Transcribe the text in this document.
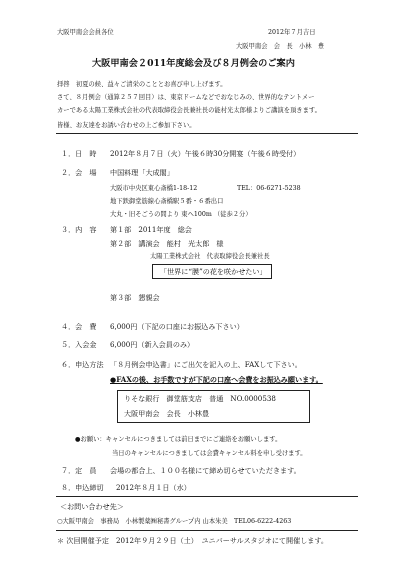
大阪甲南会会員各位	2012年７月吉日
大阪甲南会　会　長　小林　豊
大阪甲南会２011年度総会及び８月例会のご案内
拝啓　初夏の候、益々ご清栄のこととお喜び申し上げます。
さて、８月例会（通算２５７回目）は、東京ドームなどでおなじみの、世界的なテントメー
カーである太陽工業株式会社の代表取締役会長兼社長の能村光太郎様よりご講演を頂きます。
皆様、お友達をお誘い合わせの上ご参加下さい。
１．日　時 2012年８月７日（火）午後６時30分開宴（午後６時受付）
２．会　場 中国料理「大成閣」
大阪市中央区東心斎橋1-18-12	TEL：06-6271-5238
地下鉄御堂筋線心斎橋駅５番・６番出口
大丸・旧そごうの間より 東へ100m （徒歩２分）
３．内　容 第１部　2011年度　総会
第２部　講演会　能村　光太郎　様
太陽工業株式会社　代表取締役会長兼社長
「世界に“膜”の花を咲かせたい」
第３部　懇親会
４．会　費 6,000円（下記の口座にお振込み下さい）
５．入会金 6,000円（新入会員のみ）
６．申込方法 「８月例会申込書」にご出欠を記入の上、FAXして下さい。
●FAXの後、お手数ですが下記の口座へ会費をお振込み願います。
りそな銀行　御堂筋支店　普通　NO.0000538
大阪甲南会　会長　小林豊
●お願い：キャンセルにつきましては前日までにご連絡をお願いします。
当日のキャンセルにつきましては会費キャンセル料を申し受けます。
７．定　員 会場の都合上、１００名様にて締め切らせていただきます。
８．申込締切 2012年８月１日（水）
＜お問い合わせ先＞
○大阪甲南会　事務局　小林製薬㈱秘書グループ内 山本朱美　TEL06-6222-4263
＊ 次回開催予定　2012年９月２９日（土）　ユニバーサルスタジオにて開催します。
